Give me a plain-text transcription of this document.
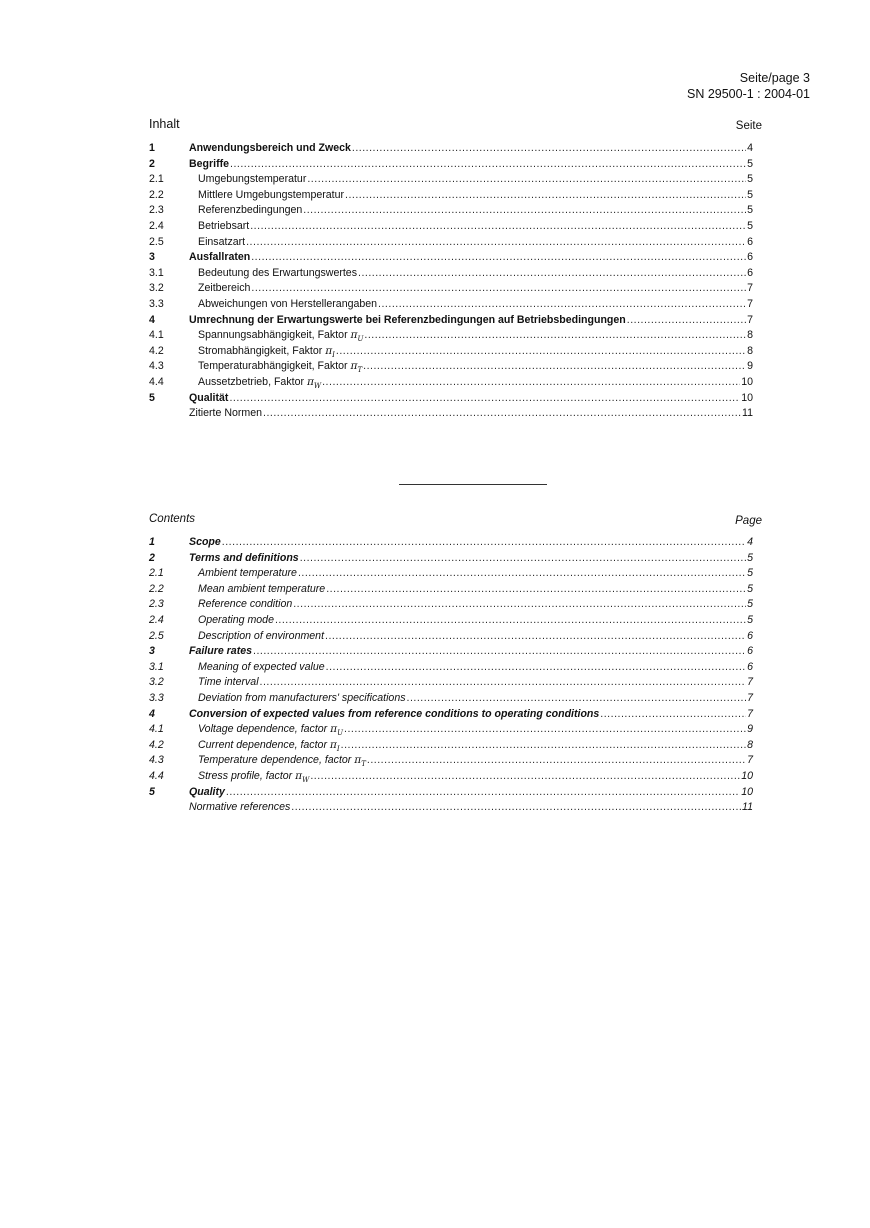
Seite/page 3
SN 29500-1 : 2004-01
Inhalt	Seite
1	Anwendungsbereich und Zweck .....	4
2	Begriffe .....	5
2.1	Umgebungstemperatur .....	5
2.2	Mittlere Umgebungstemperatur .....	5
2.3	Referenzbedingungen .....	5
2.4	Betriebsart .....	5
2.5	Einsatzart .....	6
3	Ausfallraten .....	6
3.1	Bedeutung des Erwartungswertes .....	6
3.2	Zeitbereich .....	7
3.3	Abweichungen von Herstellerangaben .....	7
4	Umrechnung der Erwartungswerte bei Referenzbedingungen auf Betriebsbedingungen .....	7
4.1	Spannungsabhängigkeit, Faktor $\pi_U$ .....	8
4.2	Stromabhängigkeit, Faktor $\pi_I$ .....	8
4.3	Temperaturabhängigkeit, Faktor $\pi_T$ .....	9
4.4	Aussetzbetrieb, Faktor $\pi_W$ .....	10
5	Qualität .....	10
Zitierte Normen .....	11
Contents	Page
1	Scope .....	4
2	Terms and definitions .....	5
2.1	Ambient temperature .....	5
2.2	Mean ambient temperature .....	5
2.3	Reference condition .....	5
2.4	Operating mode .....	5
2.5	Description of environment .....	6
3	Failure rates .....	6
3.1	Meaning of expected value .....	6
3.2	Time interval .....	7
3.3	Deviation from manufacturers' specifications .....	7
4	Conversion of expected values from reference conditions to operating conditions .....	7
4.1	Voltage dependence, factor $\pi_U$ .....	9
4.2	Current dependence, factor $\pi_I$ .....	8
4.3	Temperature dependence, factor $\pi_T$ .....	7
4.4	Stress profile, factor $\pi_W$ .....	10
5	Quality .....	10
Normative references .....	11
